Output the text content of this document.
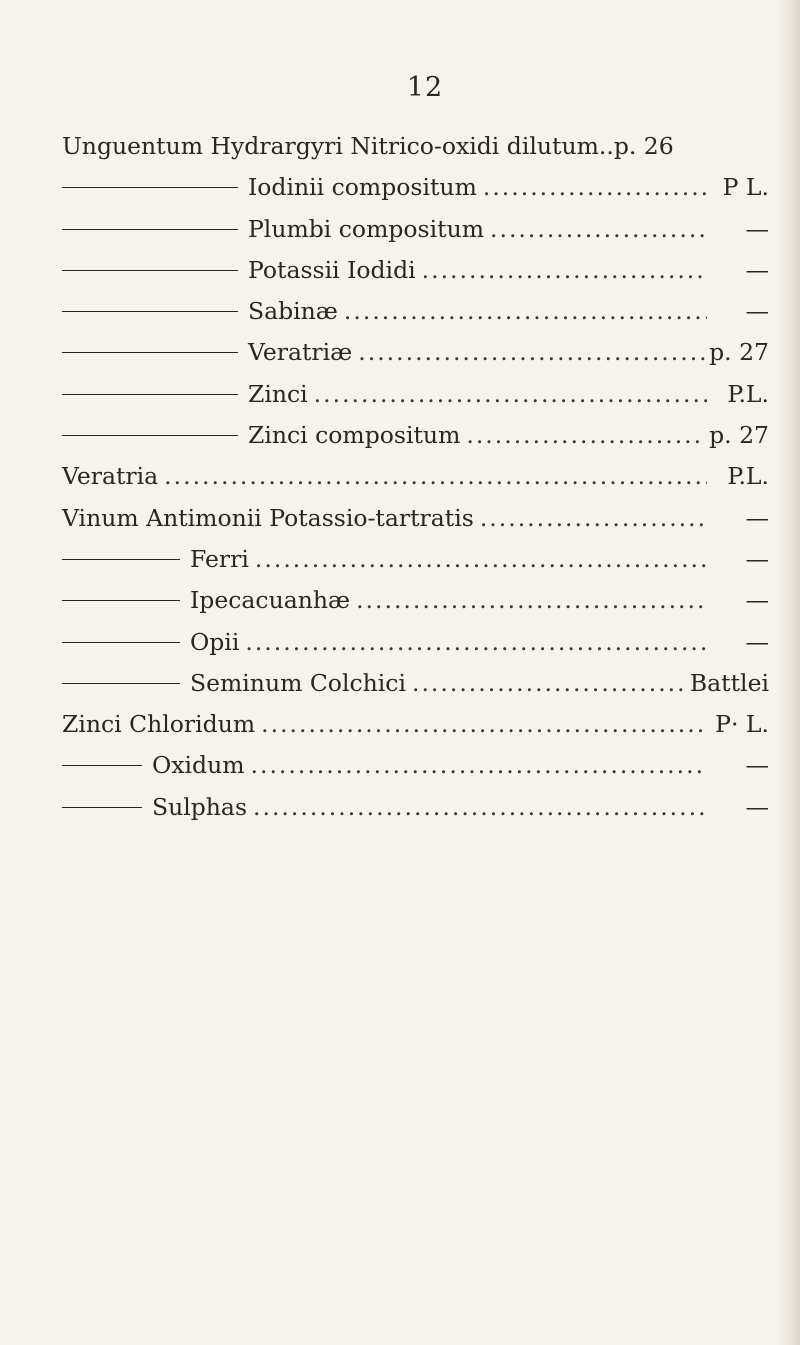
12
Unguentum Hydrargyri Nitrico-oxidi dilutum.. p. 26
Iodinii compositum .....	P L.
Plumbi compositum .....	—
Potassii Iodidi .....	—
Sabinæ .....	—
Veratriæ .....	p. 27
Zinci .....	P.L.
Zinci compositum .....	p. 27
Veratria .....	P.L.
Vinum Antimonii Potassio-tartratis .....	—
Ferri .....	—
Ipecacuanhæ .....	—
Opii .....	—
Seminum Colchici .....	Battlei
Zinci Chloridum .....	P· L.
Oxidum .....	—
Sulphas .....	—
